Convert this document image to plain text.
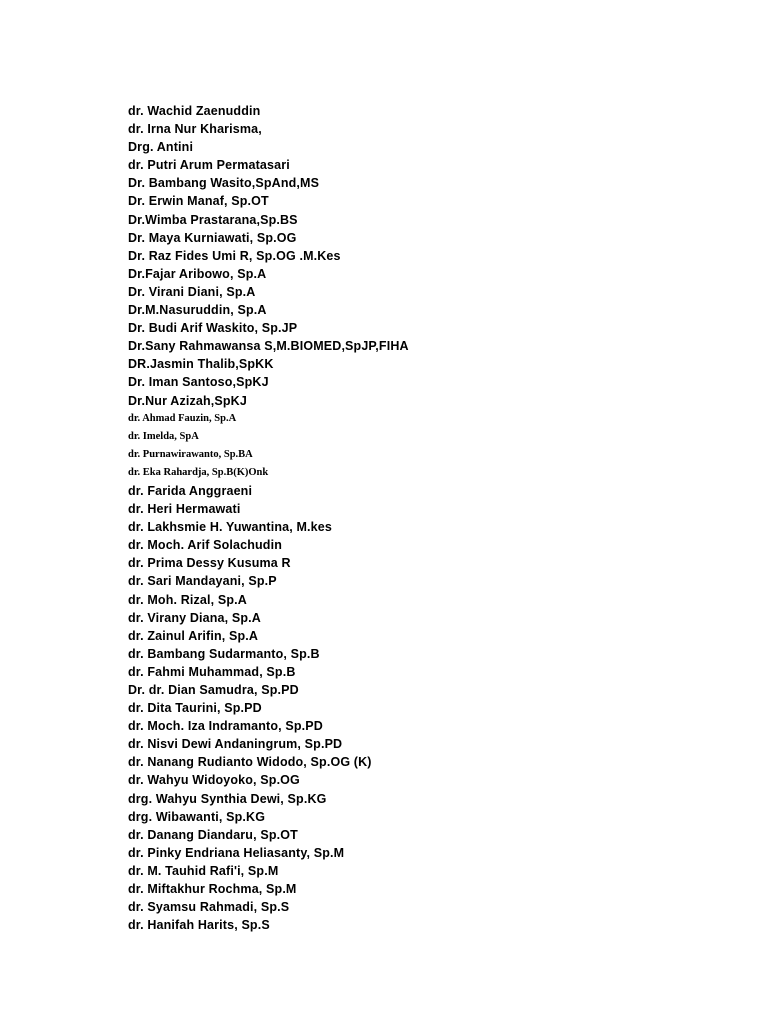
dr. Wachid Zaenuddin
dr. Irna Nur Kharisma,
Drg. Antini
dr. Putri Arum Permatasari
Dr. Bambang Wasito,SpAnd,MS
Dr. Erwin Manaf, Sp.OT
Dr.Wimba Prastarana,Sp.BS
Dr. Maya Kurniawati, Sp.OG
Dr. Raz Fides Umi R, Sp.OG .M.Kes
Dr.Fajar Aribowo, Sp.A
Dr. Virani Diani, Sp.A
Dr.M.Nasuruddin, Sp.A
Dr. Budi Arif Waskito, Sp.JP
Dr.Sany Rahmawansa S,M.BIOMED,SpJP,FIHA
DR.Jasmin Thalib,SpKK
Dr. Iman Santoso,SpKJ
Dr.Nur Azizah,SpKJ
dr. Ahmad Fauzin, Sp.A
dr. Imelda, SpA
dr. Purnawirawanto, Sp.BA
dr. Eka Rahardja, Sp.B(K)Onk
dr. Farida Anggraeni
dr. Heri Hermawati
dr. Lakhsmie H. Yuwantina, M.kes
dr. Moch. Arif Solachudin
dr. Prima Dessy Kusuma R
dr. Sari Mandayani, Sp.P
dr. Moh. Rizal, Sp.A
dr. Virany Diana, Sp.A
dr. Zainul Arifin, Sp.A
dr. Bambang Sudarmanto, Sp.B
dr. Fahmi Muhammad, Sp.B
Dr. dr. Dian Samudra, Sp.PD
dr. Dita Taurini, Sp.PD
dr. Moch. Iza Indramanto, Sp.PD
dr. Nisvi Dewi Andaningrum, Sp.PD
dr. Nanang Rudianto Widodo, Sp.OG (K)
dr. Wahyu Widoyoko, Sp.OG
drg. Wahyu Synthia Dewi, Sp.KG
drg. Wibawanti, Sp.KG
dr. Danang Diandaru, Sp.OT
dr. Pinky Endriana Heliasanty, Sp.M
dr. M. Tauhid Rafi'i, Sp.M
dr. Miftakhur Rochma, Sp.M
dr. Syamsu Rahmadi, Sp.S
dr. Hanifah Harits, Sp.S
